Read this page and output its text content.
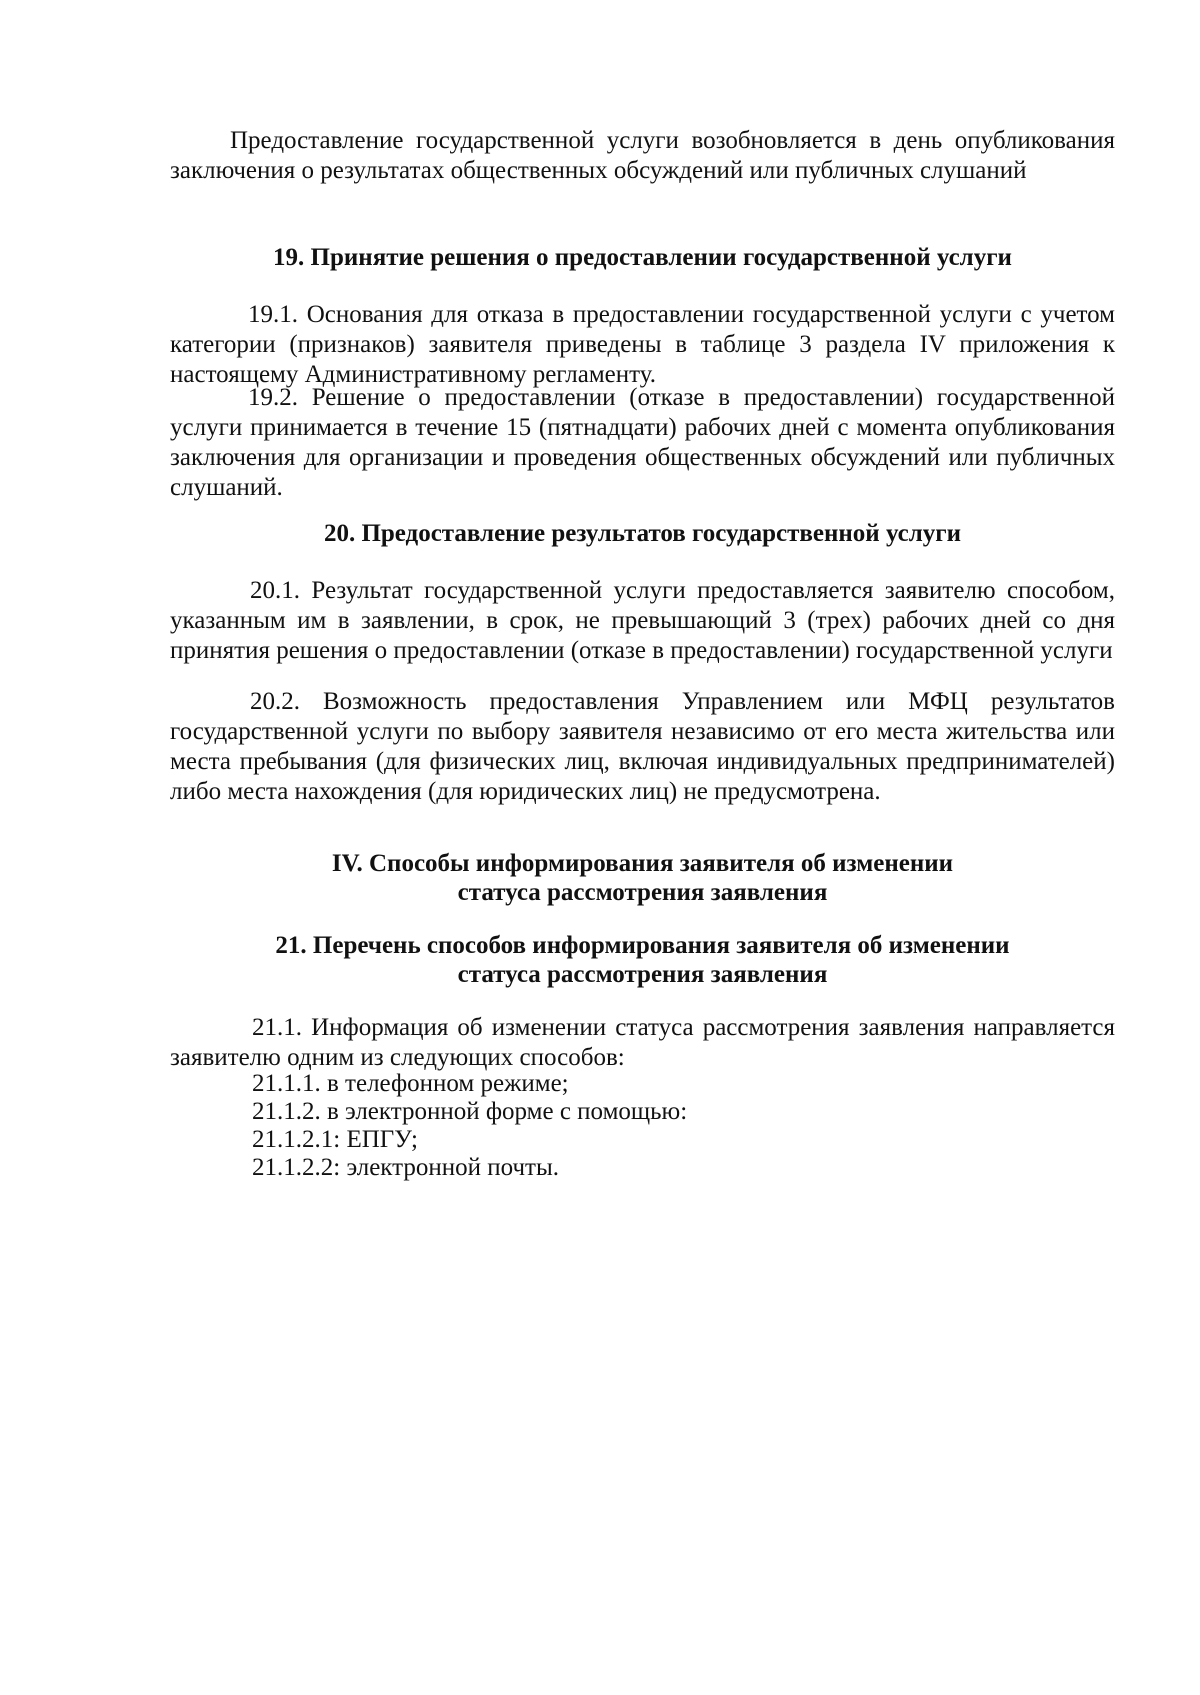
Предоставление государственной услуги возобновляется в день опубликования заключения о результатах общественных обсуждений или публичных слушаний
19. Принятие решения о предоставлении государственной услуги
19.1. Основания для отказа в предоставлении государственной услуги с учетом категории (признаков) заявителя приведены в таблице 3 раздела IV приложения к настоящему Административному регламенту.
19.2. Решение о предоставлении (отказе в предоставлении) государственной услуги принимается в течение 15 (пятнадцати) рабочих дней с момента опубликования заключения для организации и проведения общественных обсуждений или публичных слушаний.
20. Предоставление результатов государственной услуги
20.1. Результат государственной услуги предоставляется заявителю способом, указанным им в заявлении, в срок, не превышающий 3 (трех) рабочих дней со дня принятия решения о предоставлении (отказе в предоставлении) государственной услуги
20.2. Возможность предоставления Управлением или МФЦ результатов государственной услуги по выбору заявителя независимо от его места жительства или места пребывания (для физических лиц, включая индивидуальных предпринимателей) либо места нахождения (для юридических лиц) не предусмотрена.
IV. Способы информирования заявителя об изменении
статуса рассмотрения заявления
21. Перечень способов информирования заявителя об изменении
статуса рассмотрения заявления
21.1. Информация об изменении статуса рассмотрения заявления направляется заявителю одним из следующих способов:
21.1.1. в телефонном режиме;
21.1.2. в электронной форме с помощью:
21.1.2.1: ЕПГУ;
21.1.2.2: электронной почты.
